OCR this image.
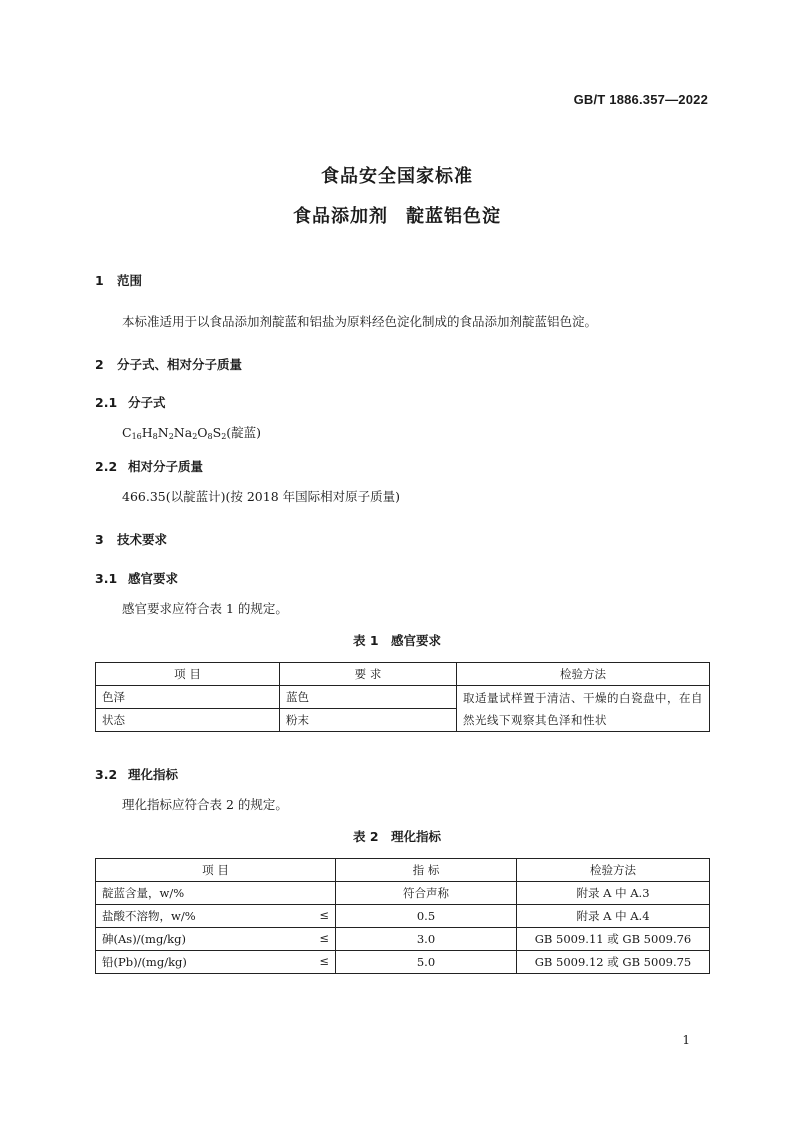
GB/T 1886.357—2022
食品安全国家标准
食品添加剂 靛蓝铝色淀
1 范围
本标准适用于以食品添加剂靛蓝和铝盐为原料经色淀化制成的食品添加剂靛蓝铝色淀。
2 分子式、相对分子质量
2.1 分子式
$C_{16}H_8N_2Na_2O_8S_2$(靛蓝)
2.2 相对分子质量
466.35(以靛蓝计)(按 2018 年国际相对原子质量)
3 技术要求
3.1 感官要求
感官要求应符合表 1 的规定。
表 1　感官要求
项 目	要 求	检验方法
色泽	蓝色	取适量试样置于清洁、干燥的白瓷盘中，在自然光线下观察其色泽和性状
状态	粉末	
3.2 理化指标
理化指标应符合表 2 的规定。
表 2　理化指标
项 目	指 标	检验方法
靛蓝含量，w/%	符合声称	附录 A 中 A.3
盐酸不溶物，w/% ≤	0.5	附录 A 中 A.4
砷(As)/(mg/kg) ≤	3.0	GB 5009.11 或 GB 5009.76
铅(Pb)/(mg/kg) ≤	5.0	GB 5009.12 或 GB 5009.75
1
